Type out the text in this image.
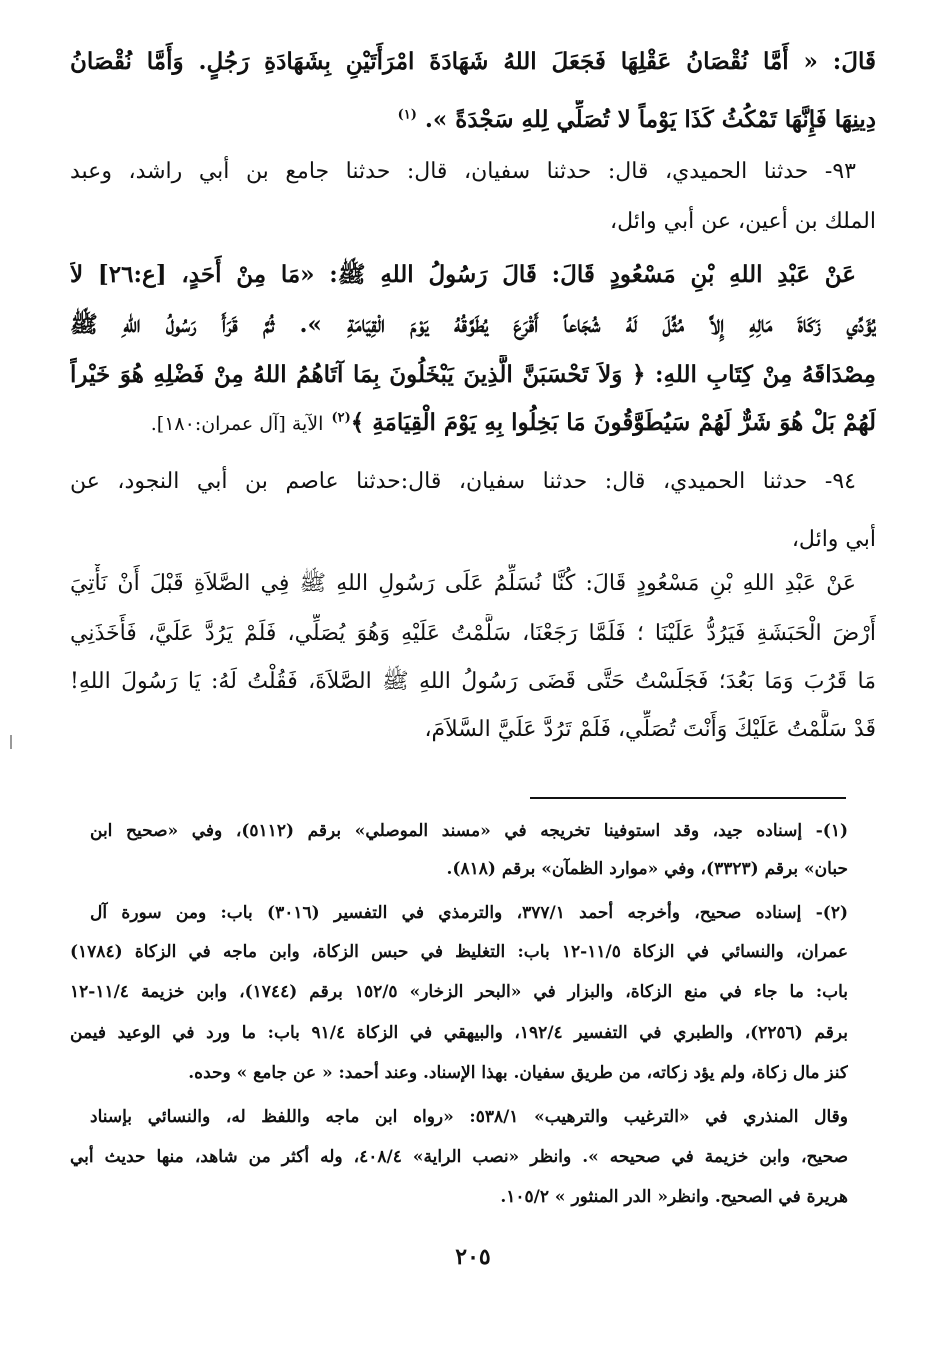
قَالَ: « أَمَّا نُقْصَانُ عَقْلِهَا فَجَعَلَ اللهُ شَهَادَةَ امْرَأَتَيْنِ بِشَهَادَةِ رَجُلٍ. وَأَمَّا نُقْصَانُ
دِينِهَا فَإِنَّهَا تَمْكُثُ كَذَا يَوْماً لا تُصَلِّي لِلهِ سَجْدَةً ». $^{(١)}$
٩٣- حدثنا الحميدي، قال: حدثنا سفيان، قال: حدثنا جامع بن أبي راشد، وعبد
الملك بن أعين، عن أبي وائل،
عَنْ عَبْدِ اللهِ بْنِ مَسْعُودٍ قَالَ: قَالَ رَسُولُ اللهِ ﷺ: «مَا مِنْ أَحَدٍ، [ع:٢٦] لاَ
يُؤَدِّي زَكَاةَ مَالِهِ إِلاَّ مُثِّلَ لَهُ شُجَاعاً أَقْرَعَ يُطَوَّقُهُ يَوْمَ الْقِيَامَةِ ». ثُمَّ قَرَأَ رَسُولُ اللهِ ﷺ
مِصْدَاقَهُ مِنْ كِتَابِ اللهِ: ﴿ وَلاَ تَحْسَبَنَّ الَّذِينَ يَبْخَلُونَ بِمَا آتَاهُمُ اللهُ مِنْ فَضْلِهِ هُوَ خَيْراً
لَهُمْ بَلْ هُوَ شَرٌّ لَهُمْ سَيُطَوَّقُونَ مَا بَخِلُوا بِهِ يَوْمَ الْقِيَامَةِ ﴾$^{(٢)}$ الآية [آل عمران:١٨٠].
٩٤- حدثنا الحميدي، قال: حدثنا سفيان، قال:حدثنا عاصم بن أبي النجود، عن
أبي وائل،
عَنْ عَبْدِ اللهِ بْنِ مَسْعُودٍ قَالَ: كُنَّا نُسَلِّمُ عَلَى رَسُولِ اللهِ ﷺ فِي الصَّلاَةِ قَبْلَ أَنْ نَأْتِيَ
أَرْضَ الْحَبَشَةِ فَيَرُدُّ عَلَيْنَا ؛ فَلَمَّا رَجَعْنَا، سَلَّمْتُ عَلَيْهِ وَهُوَ يُصَلِّي، فَلَمْ يَرُدَّ عَلَيَّ، فَأَخَذَنِي
مَا قَرُبَ وَمَا بَعُدَ؛ فَجَلَسْتُ حَتَّى قَضَى رَسُولُ اللهِ ﷺ الصَّلاَةَ، فَقُلْتُ لَهُ: يَا رَسُولَ اللهِ!
قَدْ سَلَّمْتُ عَلَيْكَ وَأَنْتَ تُصَلِّي، فَلَمْ تَرُدَّ عَلَيَّ السَّلاَمَ،
(١)- إسناده جيد، وقد استوفينا تخريجه في «مسند الموصلي» برقم (٥١١٢)، وفي «صحيح ابن
حبان» برقم (٣٣٢٣)، وفي «موارد الظمآن» برقم (٨١٨).
(٢)- إسناده صحيح، وأخرجه أحمد ٣٧٧/١، والترمذي في التفسير (٣٠١٦) باب: ومن سورة آل
عمران، والنسائي في الزكاة ١١/٥-١٢ باب: التغليظ في حبس الزكاة، وابن ماجه في الزكاة (١٧٨٤)
باب: ما جاء في منع الزكاة، والبزار في «البحر الزخار» ١٥٢/٥ برقم (١٧٤٤)، وابن خزيمة ١١/٤-١٢
برقم (٢٢٥٦)، والطبري في التفسير ١٩٢/٤، والبيهقي في الزكاة ٩١/٤ باب: ما ورد في الوعيد فيمن
كنز مال زكاة، ولم يؤد زكاته، من طريق سفيان. بهذا الإسناد. وعند أحمد: « عن جامع » وحده.
وقال المنذري في «الترغيب والترهيب» ٥٣٨/١: «رواه ابن ماجه واللفظ له، والنسائي بإسناد
صحيح، وابن خزيمة في صحيحه ». وانظر «نصب الراية» ٤٠٨/٤، وله أكثر من شاهد، منها حديث أبي
هريرة في الصحيح. وانظر« الدر المنثور » ١٠٥/٢.
٢٠٥
